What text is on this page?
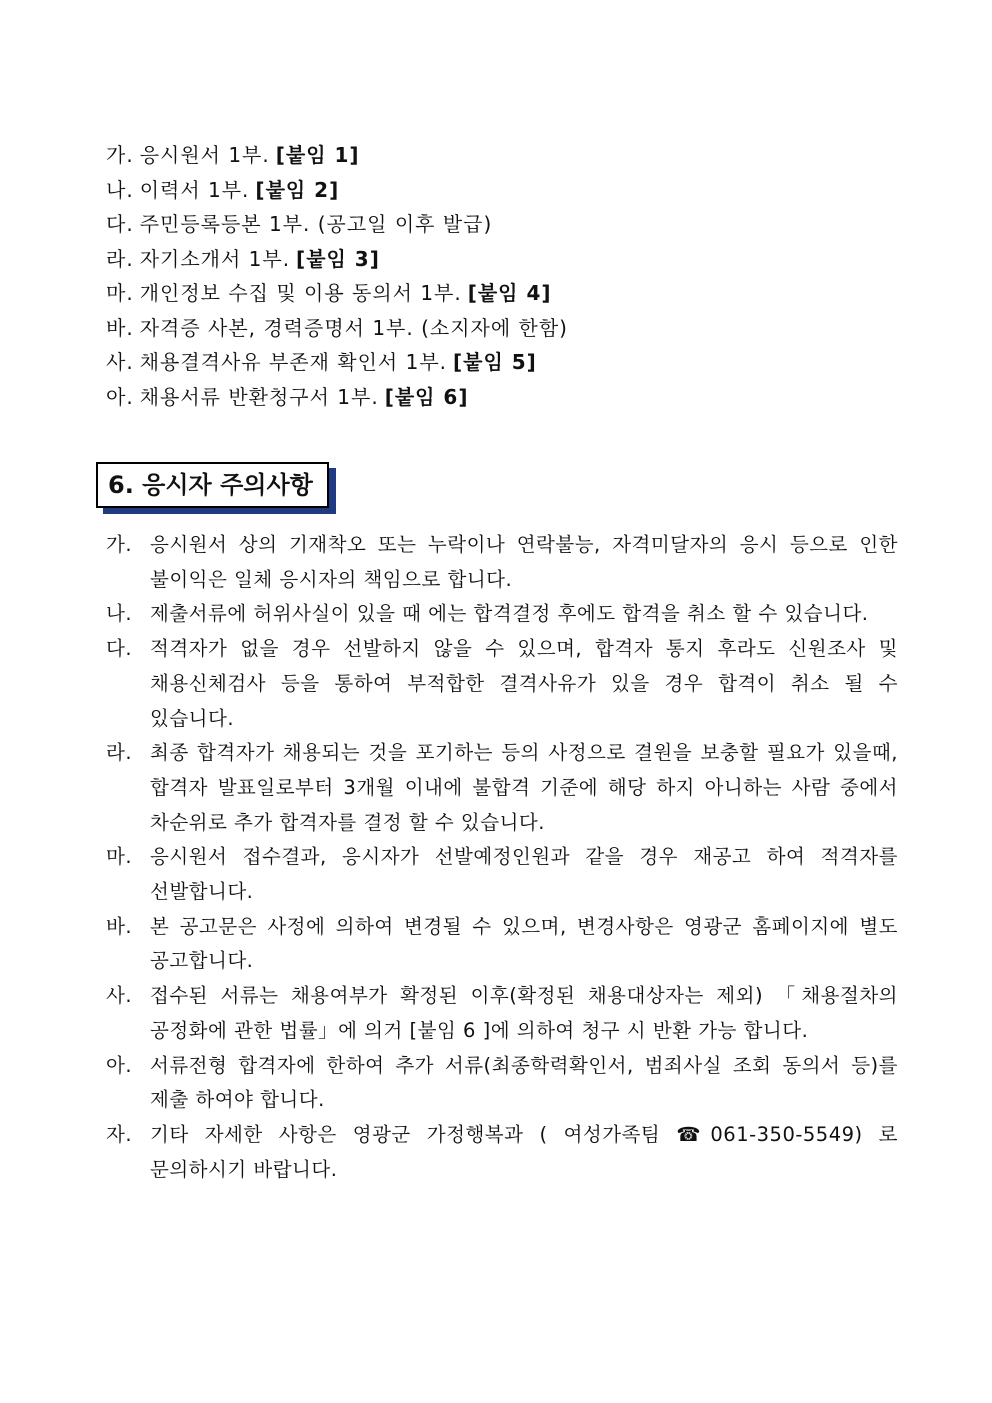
가. 응시원서 1부. [붙임 1]
나. 이력서 1부. [붙임 2]
다. 주민등록등본 1부. (공고일 이후 발급)
라. 자기소개서 1부. [붙임 3]
마. 개인정보 수집 및 이용 동의서 1부. [붙임 4]
바. 자격증 사본, 경력증명서 1부. (소지자에 한함)
사. 채용결격사유 부존재 확인서 1부. [붙임 5]
아. 채용서류 반환청구서 1부. [붙임 6]
6. 응시자 주의사항
가. 응시원서 상의 기재착오 또는 누락이나 연락불능, 자격미달자의 응시 등으로 인한 불이익은 일체 응시자의 책임으로 합니다.
나. 제출서류에 허위사실이 있을 때 에는 합격결정 후에도 합격을 취소 할 수 있습니다.
다. 적격자가 없을 경우 선발하지 않을 수 있으며, 합격자 통지 후라도 신원조사 및 채용신체검사 등을 통하여 부적합한 결격사유가 있을 경우 합격이 취소 될 수 있습니다.
라. 최종 합격자가 채용되는 것을 포기하는 등의 사정으로 결원을 보충할 필요가 있을때, 합격자 발표일로부터 3개월 이내에 불합격 기준에 해당 하지 아니하는 사람 중에서 차순위로 추가 합격자를 결정 할 수 있습니다.
마. 응시원서 접수결과, 응시자가 선발예정인원과 같을 경우 재공고 하여 적격자를 선발합니다.
바. 본 공고문은 사정에 의하여 변경될 수 있으며, 변경사항은 영광군 홈페이지에 별도 공고합니다.
사. 접수된 서류는 채용여부가 확정된 이후(확정된 채용대상자는 제외) 「채용절차의 공정화에 관한 법률」에 의거 [붙임 6 ]에 의하여 청구 시 반환 가능 합니다.
아. 서류전형 합격자에 한하여 추가 서류(최종학력확인서, 범죄사실 조회 동의서 등)를 제출 하여야 합니다.
자. 기타 자세한 사항은 영광군 가정행복과 ( 여성가족팀 ☎061-350-5549) 로 문의하시기 바랍니다.
